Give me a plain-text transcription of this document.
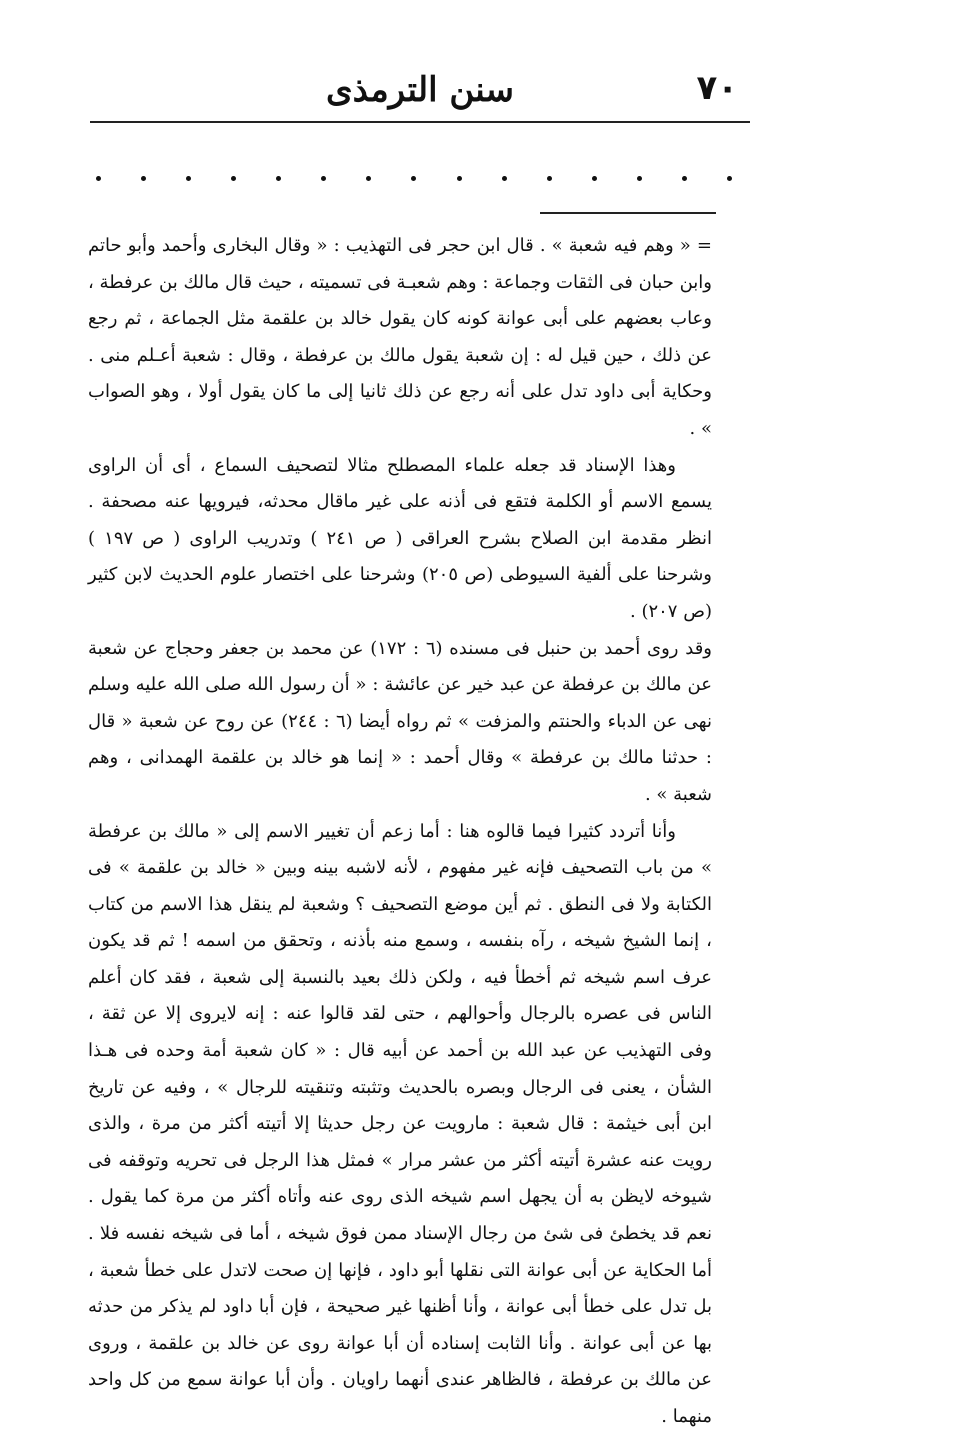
٧٠
سنن الترمذى

= « وهم فيه شعبة » . قال ابن حجر فى التهذيب : « وقال البخارى وأحمد وأبو حاتم وابن حبان فى الثقات وجماعة : وهم شعبـة فى تسميته ، حيث قال مالك بن عرفطة ، وعاب بعضهم على أبى عوانة كونه كان يقول خالد بن علقمة مثل الجماعة ، ثم رجع عن ذلك ، حين قيل له : إن شعبة يقول مالك بن عرفطة ، وقال : شعبة أعـلم منى . وحكاية أبى داود تدل على أنه رجع عن ذلك ثانيا إلى ما كان يقول أولا ، وهو الصواب » .

وهذا الإسناد قد جعله علماء المصطلح مثالا لتصحيف السماع ، أى أن الراوى يسمع الاسم أو الكلمة فتقع فى أذنه على غير ماقال محدثه، فيرويها عنه مصحفة . انظر مقدمة ابن الصلاح بشرح العراقى ( ص ٢٤١ ) وتدريب الراوى ( ص ١٩٧ ) وشرحنا على ألفية السيوطى (ص ٢٠٥) وشرحنا على اختصار علوم الحديث لابن كثير (ص ٢٠٧) .

وقد روى أحمد بن حنبل فى مسنده (٦ : ١٧٢) عن محمد بن جعفر وحجاج عن شعبة عن مالك بن عرفطة عن عبد خير عن عائشة : « أن رسول الله صلى الله عليه وسلم نهى عن الدباء والحنتم والمزفت » ثم رواه أيضا (٦ : ٢٤٤) عن روح عن شعبة « قال : حدثنا مالك بن عرفطة » وقال أحمد : « إنما هو خالد بن علقمة الهمدانى ، وهم شعبة » .

وأنا أتردد كثيرا فيما قالوه هنا : أما زعم أن تغيير الاسم إلى « مالك بن عرفطة » من باب التصحيف فإنه غير مفهوم ، لأنه لاشبه بينه وبين « خالد بن علقمة » فى الكتابة ولا فى النطق . ثم أين موضع التصحيف ؟ وشعبة لم ينقل هذا الاسم من كتاب ، إنما الشيخ شيخه ، رآه بنفسه ، وسمع منه بأذنه ، وتحقق من اسمه ! ثم قد يكون عرف اسم شيخه ثم أخطأ فيه ، ولكن ذلك بعيد بالنسبة إلى شعبة ، فقد كان أعلم الناس فى عصره بالرجال وأحوالهم ، حتى لقد قالوا عنه : إنه لايروى إلا عن ثقة ، وفى التهذيب عن عبد الله بن أحمد عن أبيه قال : « كان شعبة أمة وحده فى هـذا الشأن ، يعنى فى الرجال وبصره بالحديث وتثبته وتنقيته للرجال » ، وفيه عن تاريخ ابن أبى خيثمة : قال شعبة : مارويت عن رجل حديثا إلا أتيته أكثر من مرة ، والذى رويت عنه عشرة أتيته أكثر من عشر مرار » فمثل هذا الرجل فى تحريه وتوقفه فى شيوخه لايظن به أن يجهل اسم شيخه الذى روى عنه وأتاه أكثر من مرة كما يقول . نعم قد يخطئ فى شئ من رجال الإسناد ممن فوق شيخه ، أما فى شيخه نفسه فلا . أما الحكاية عن أبى عوانة التى نقلها أبو داود ، فإنها إن صحت لاتدل على خطأ شعبة ، بل تدل على خطأ أبى عوانة ، وأنا أظنها غير صحيحة ، فإن أبا داود لم يذكر من حدثه بها عن أبى عوانة . وأنا الثابت إسناده أن أبا عوانة روى عن خالد بن علقمة ، وروى عن مالك بن عرفطة ، فالظاهر عندى أنهما راويان . وأن أبا عوانة سمع من كل واحد منهما .
